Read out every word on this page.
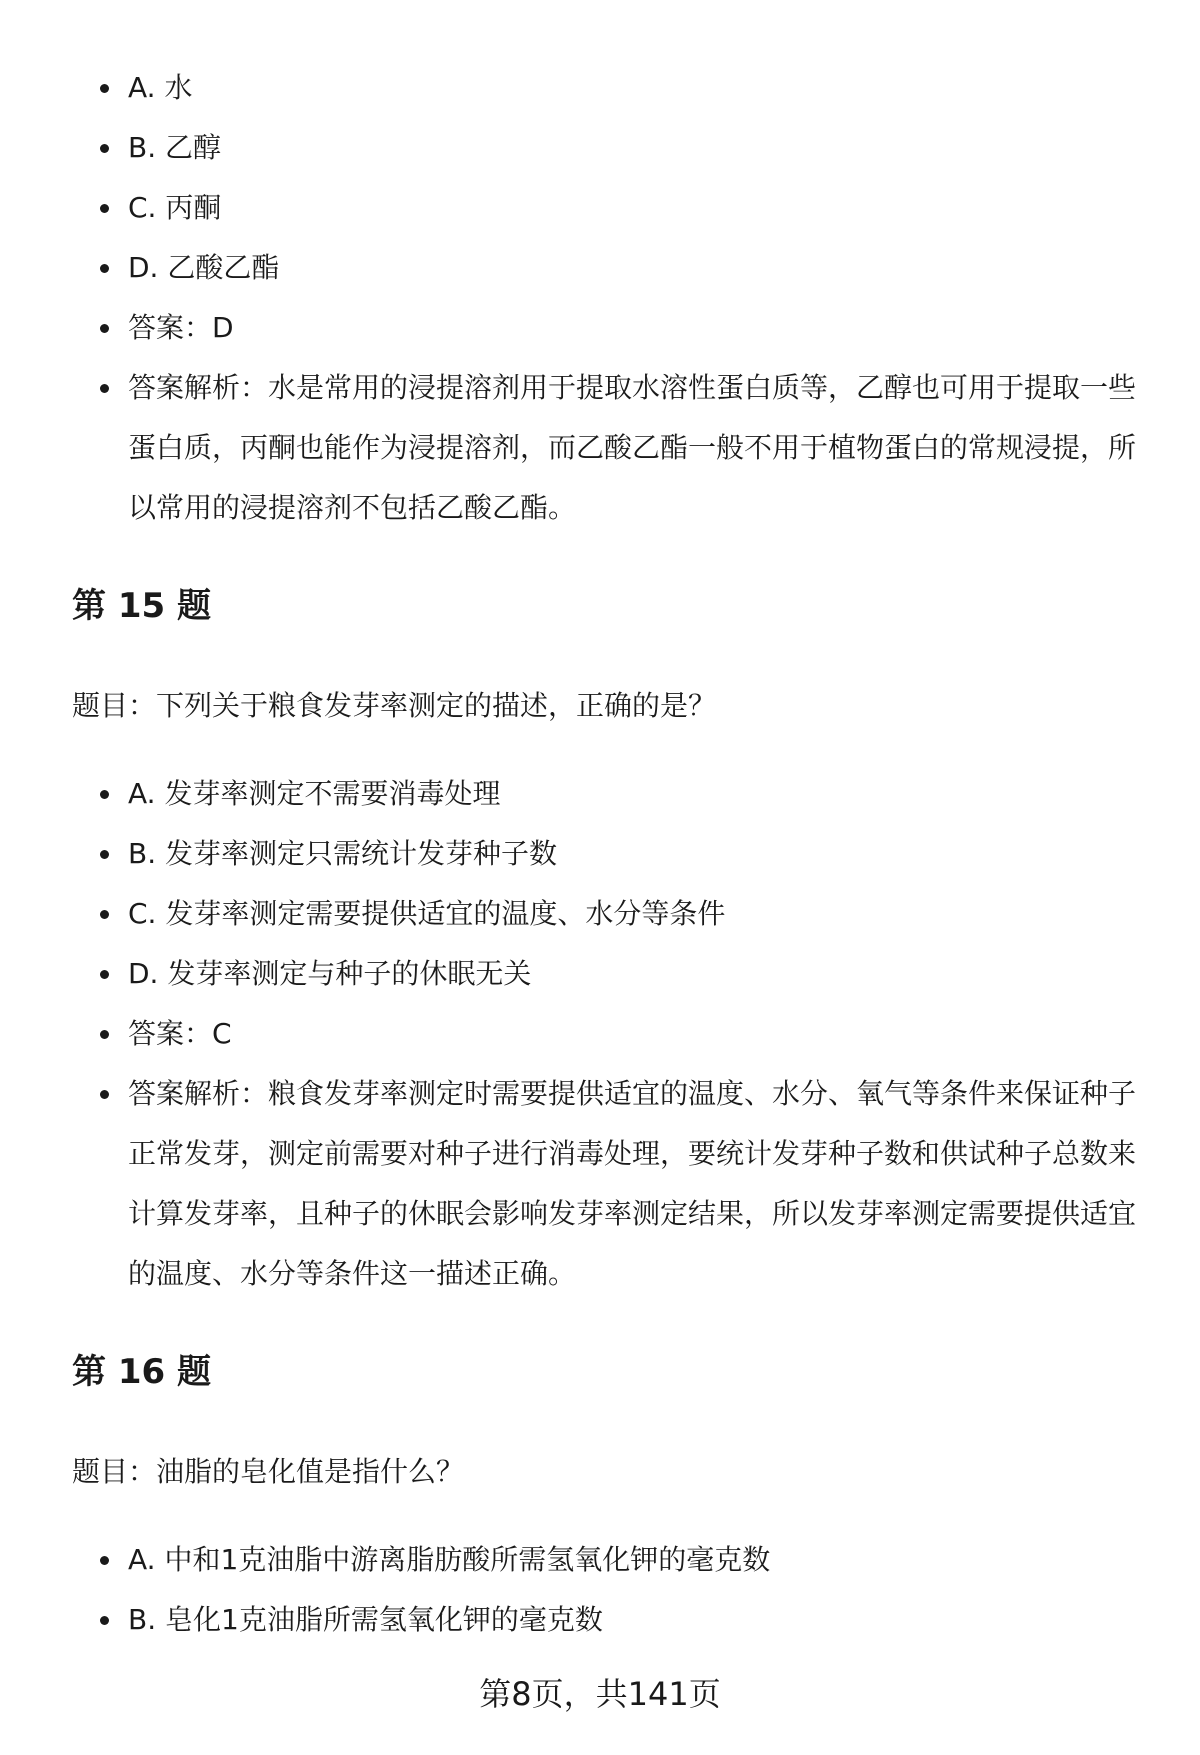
A. 水
B. 乙醇
C. 丙酮
D. 乙酸乙酯
答案：D
答案解析：水是常用的浸提溶剂用于提取水溶性蛋白质等，乙醇也可用于提取一些蛋白质，丙酮也能作为浸提溶剂，而乙酸乙酯一般不用于植物蛋白的常规浸提，所以常用的浸提溶剂不包括乙酸乙酯。
第 15 题

题目：下列关于粮食发芽率测定的描述，正确的是？

A. 发芽率测定不需要消毒处理
B. 发芽率测定只需统计发芽种子数
C. 发芽率测定需要提供适宜的温度、水分等条件
D. 发芽率测定与种子的休眠无关
答案：C
答案解析：粮食发芽率测定时需要提供适宜的温度、水分、氧气等条件来保证种子正常发芽，测定前需要对种子进行消毒处理，要统计发芽种子数和供试种子总数来计算发芽率，且种子的休眠会影响发芽率测定结果，所以发芽率测定需要提供适宜的温度、水分等条件这一描述正确。
第 16 题

题目：油脂的皂化值是指什么？

A. 中和1克油脂中游离脂肪酸所需氢氧化钾的毫克数
B. 皂化1克油脂所需氢氧化钾的毫克数
第8页，共141页
